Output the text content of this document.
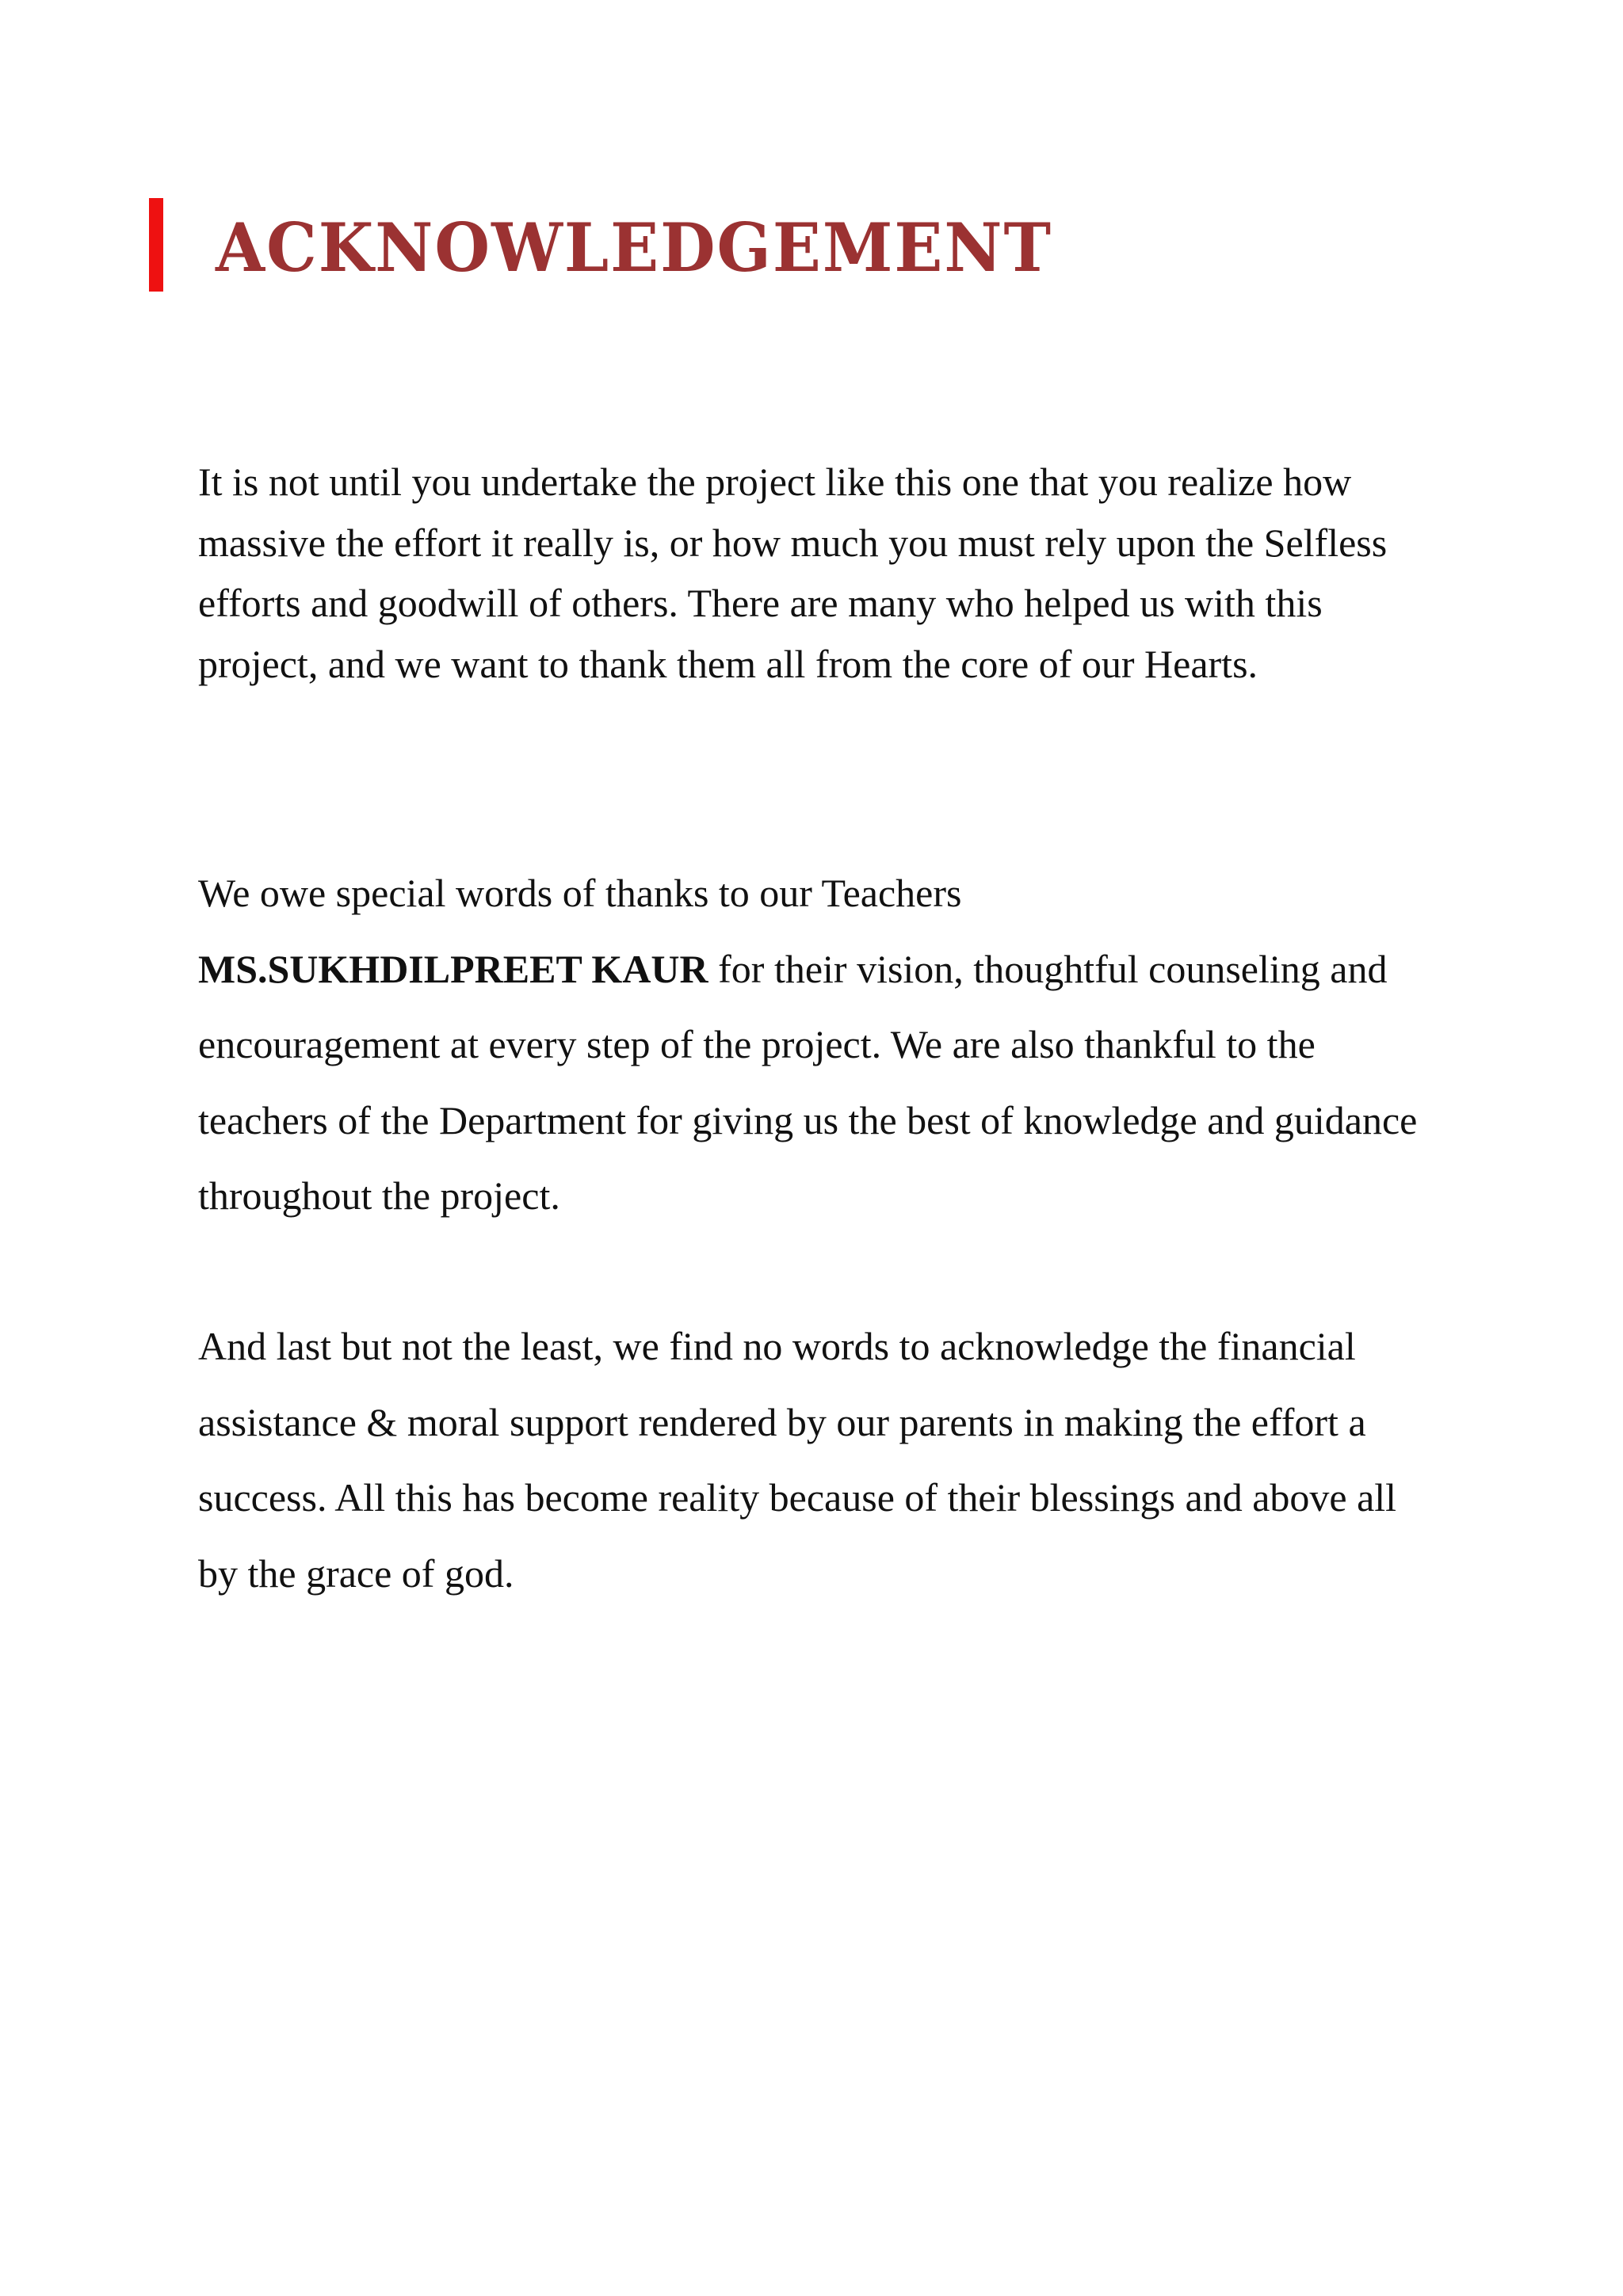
ACKNOWLEDGEMENT

It is not until you undertake the project like this one that you realize how massive the effort it really is, or how much you must rely upon the Selfless efforts and goodwill of others. There are many who helped us with this project, and we want to thank them all from the core of our Hearts.

We owe special words of thanks to our Teachers
MS.SUKHDILPREET KAUR for their vision, thoughtful counseling and encouragement at every step of the project. We are also thankful to the teachers of the Department for giving us the best of knowledge and guidance throughout the project.

And last but not the least, we find no words to acknowledge the financial assistance & moral support rendered by our parents in making the effort a success. All this has become reality because of their blessings and above all by the grace of god.
